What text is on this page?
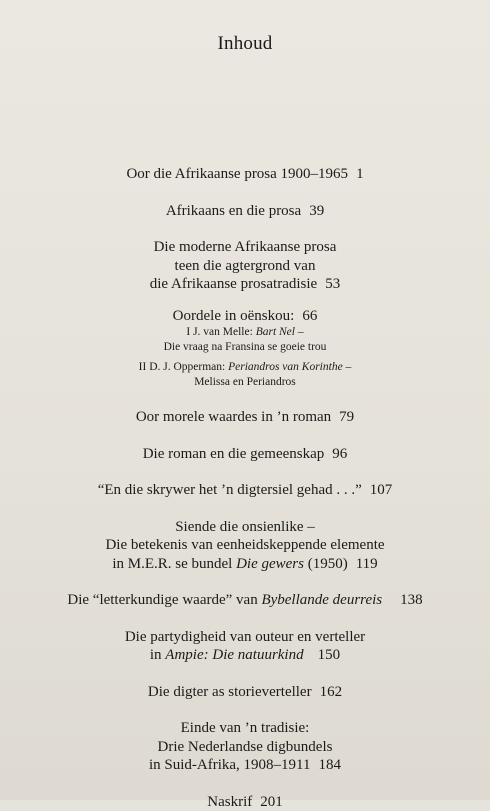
Inhoud
Oor die Afrikaanse prosa 1900–1965 1
Afrikaans en die prosa 39
Die moderne Afrikaanse prosa
teen die agtergrond van
die Afrikaanse prosatradisie 53
Oordele in oënskou: 66
I J. van Melle: Bart Nel –
Die vraag na Fransina se goeie trou
II D. J. Opperman: Periandros van Korinthe –
Melissa en Periandros
Oor morele waardes in ’n roman 79
Die roman en die gemeenskap 96
“En die skrywer het ’n digtersiel gehad . . .” 107
Siende die onsienlike –
Die betekenis van eenheidskeppende elemente
in M.E.R. se bundel Die gewers (1950) 119
Die “letterkundige waarde” van Bybellande deurreis 138
Die partydigheid van outeur en verteller
in Ampie: Die natuurkind 150
Die digter as storieverteller 162
Einde van ’n tradisie:
Drie Nederlandse digbundels
in Suid-Afrika, 1908–1911 184
Naskrif 201
